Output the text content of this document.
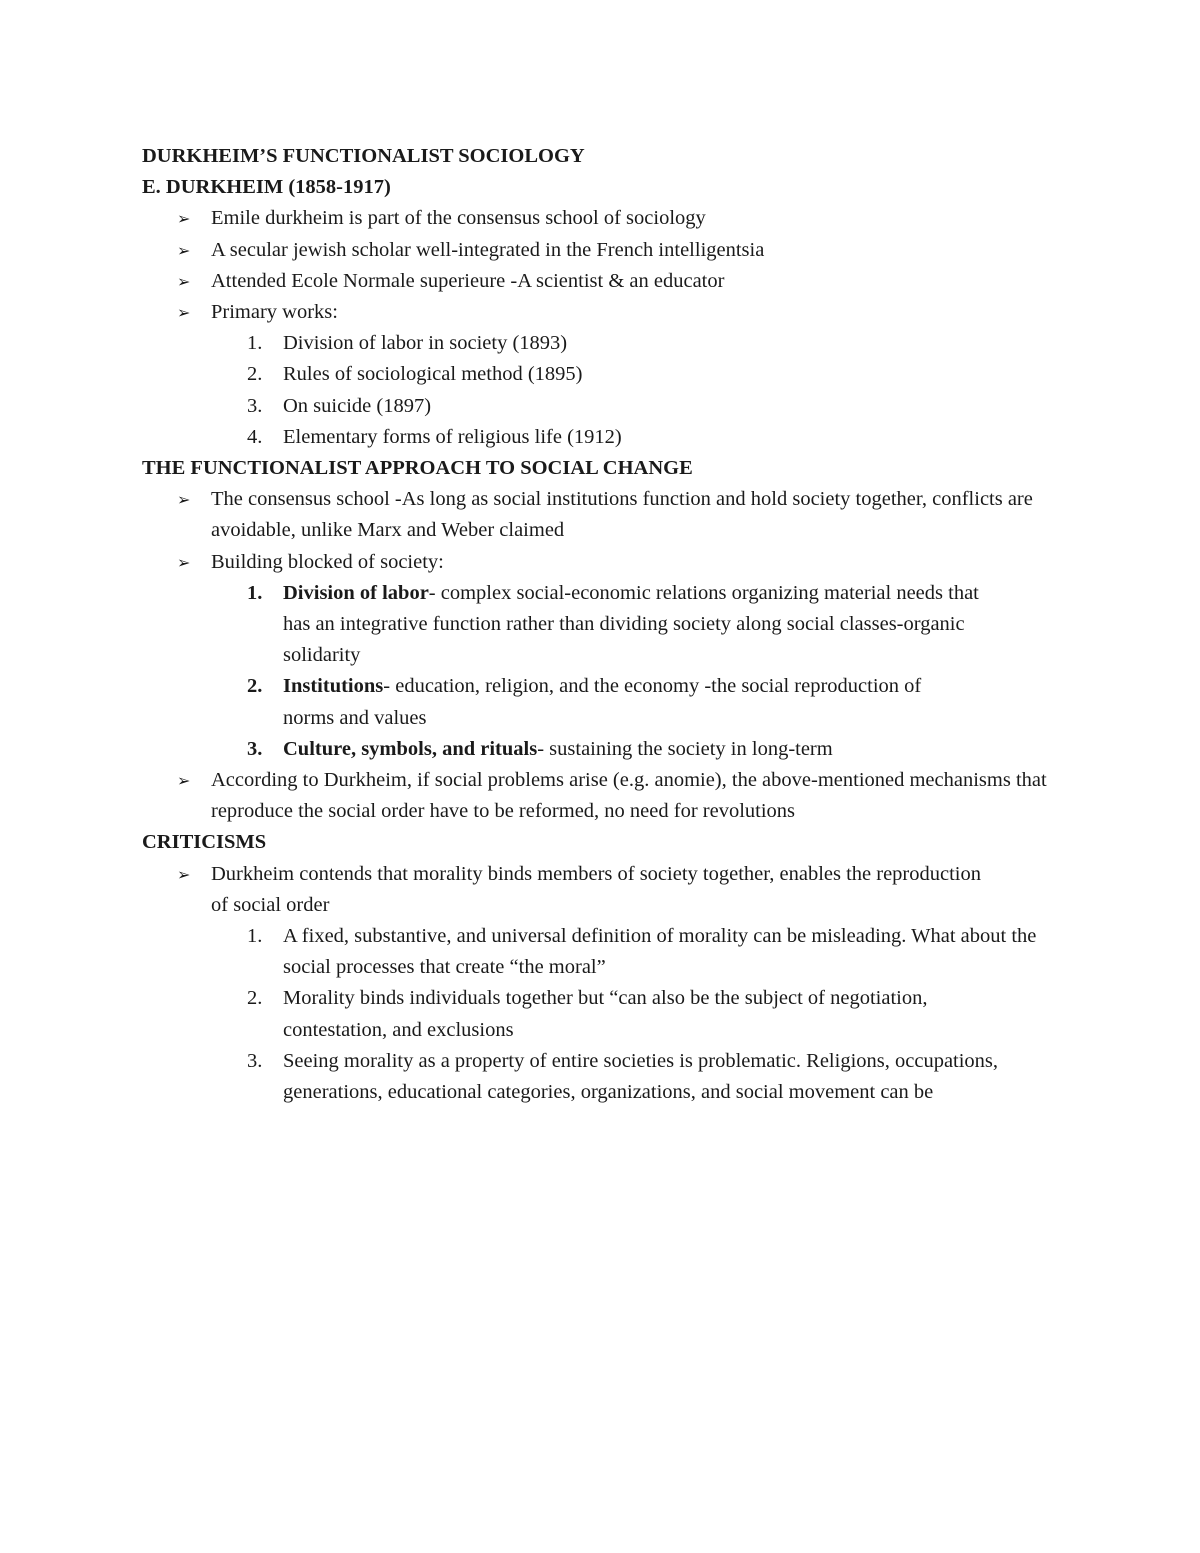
DURKHEIM’S FUNCTIONALIST SOCIOLOGY

E. DURKHEIM (1858-1917)

➢ Emile durkheim is part of the consensus school of sociology

➢ A secular jewish scholar well-integrated in the French intelligentsia

➢ Attended Ecole Normale superieure -A scientist & an educator

➢ Primary works:

1. Division of labor in society (1893)

2. Rules of sociological method (1895)

3. On suicide (1897)

4. Elementary forms of religious life (1912)

THE FUNCTIONALIST APPROACH TO SOCIAL CHANGE

➢ The consensus school -As long as social institutions function and hold society together, conflicts are avoidable, unlike Marx and Weber claimed

➢ Building blocked of society:

1. Division of labor- complex social-economic relations organizing material needs that has an integrative function rather than dividing society along social classes-organic solidarity

2. Institutions- education, religion, and the economy -the social reproduction of norms and values

3. Culture, symbols, and rituals- sustaining the society in long-term

➢ According to Durkheim, if social problems arise (e.g. anomie), the above-mentioned mechanisms that reproduce the social order have to be reformed, no need for revolutions

CRITICISMS

➢ Durkheim contends that morality binds members of society together, enables the reproduction of social order

1. A fixed, substantive, and universal definition of morality can be misleading. What about the social processes that create “the moral”

2. Morality binds individuals together but “can also be the subject of negotiation, contestation, and exclusions

3. Seeing morality as a property of entire societies is problematic. Religions, occupations, generations, educational categories, organizations, and social movement can be
